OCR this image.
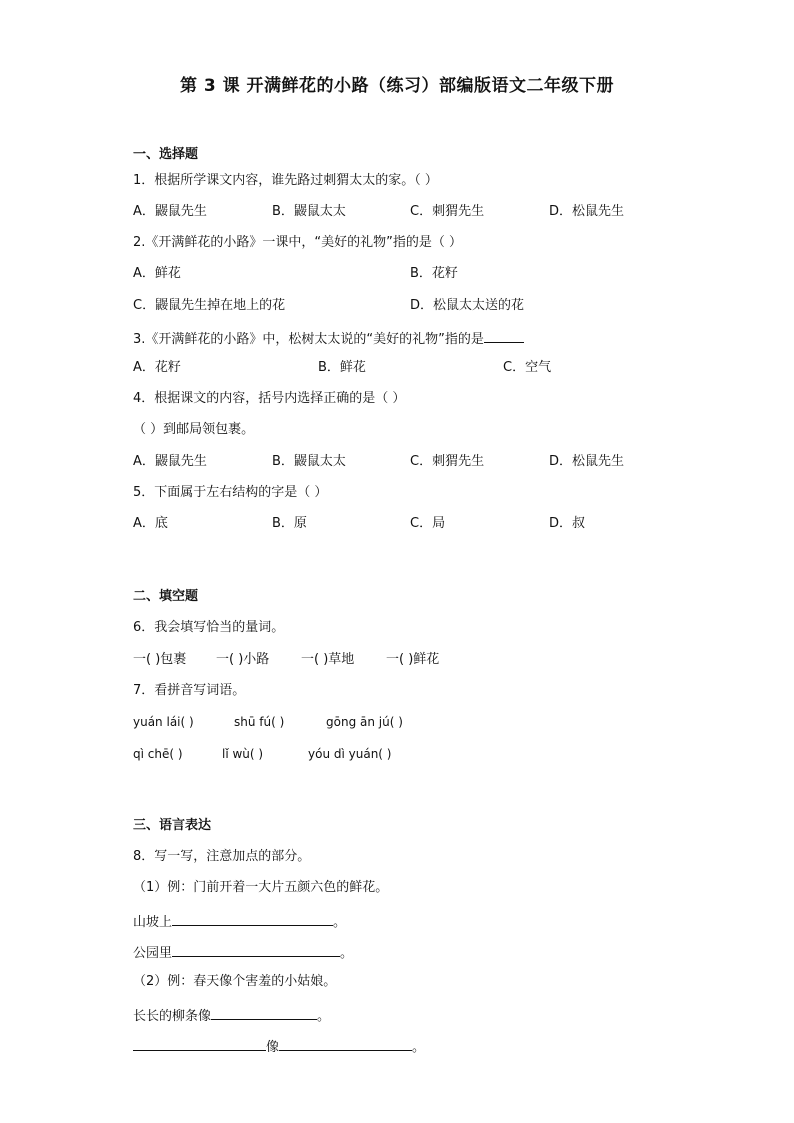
第 3 课 开满鲜花的小路（练习）部编版语文二年级下册
一、选择题
1．根据所学课文内容，谁先路过刺猬太太的家。（ ）
A．鼹鼠先生	B．鼹鼠太太	C．刺猬先生	D．松鼠先生
2.《开满鲜花的小路》一课中，“美好的礼物”指的是（ ）
A．鲜花	B．花籽
C．鼹鼠先生掉在地上的花	D．松鼠太太送的花
3.《开满鲜花的小路》中，松树太太说的“美好的礼物”指的是
A．花籽	B．鲜花	C．空气
4．根据课文的内容，括号内选择正确的是（ ）
（ ）到邮局领包裹。
A．鼹鼠先生	B．鼹鼠太太	C．刺猬先生	D．松鼠先生
5．下面属于左右结构的字是（ ）
A．底	B．原	C．局	D．叔
二、填空题
6．我会填写恰当的量词。
一( )包裹 一( )小路 一( )草地 一( )鲜花
7．看拼音写词语。
yuán lái( )	shū fú( )	gōng ān jú( )
qì chē( )	lǐ wù( )	yóu dì yuán( )
三、语言表达
8．写一写，注意加点的部分。
（1）例：门前开着一大片五颜六色的鲜花。
山坡上	。
公园里	。
（2）例：春天像个害羞的小姑娘。
长长的柳条像	。
像	。
